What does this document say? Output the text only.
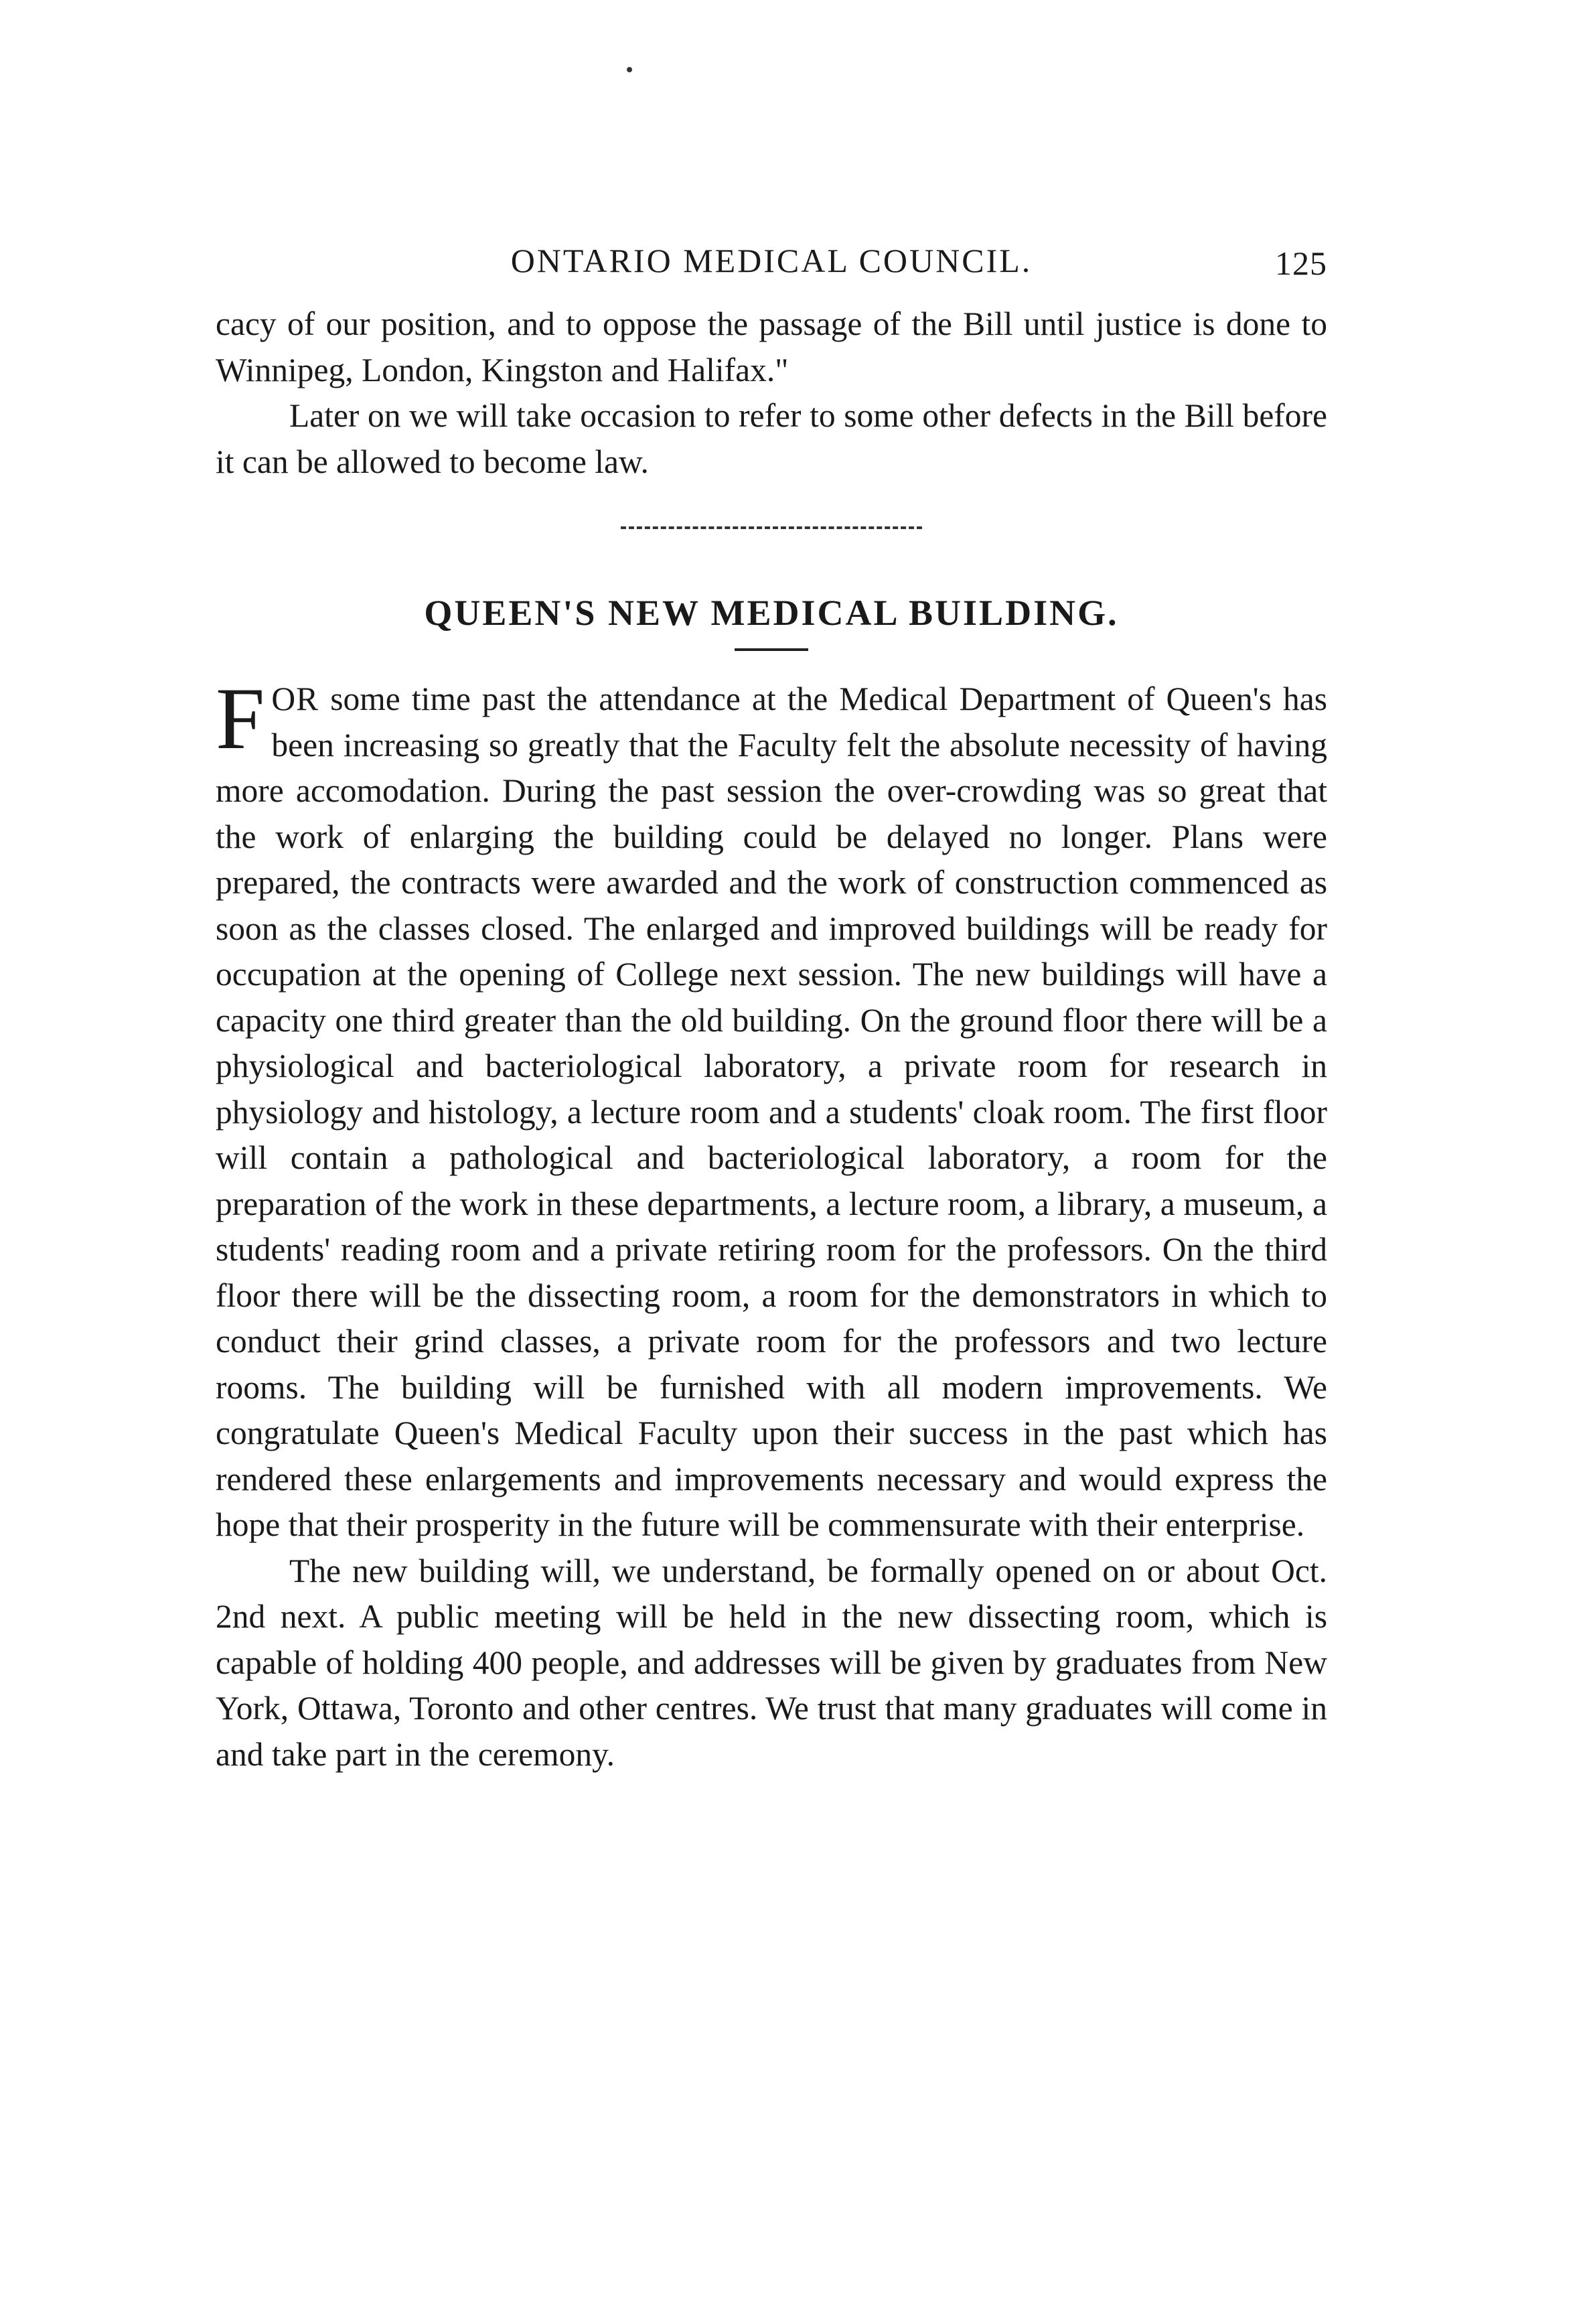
ONTARIO MEDICAL COUNCIL.	125

cacy of our position, and to oppose the passage of the Bill until justice is done to Winnipeg, London, Kingston and Halifax."

Later on we will take occasion to refer to some other defects in the Bill before it can be allowed to become law.

QUEEN'S NEW MEDICAL BUILDING.

FOR some time past the attendance at the Medical Department of Queen's has been increasing so greatly that the Faculty felt the absolute necessity of having more accomodation. During the past session the over-crowding was so great that the work of enlarging the building could be delayed no longer. Plans were prepared, the contracts were awarded and the work of construction commenced as soon as the classes closed. The enlarged and improved buildings will be ready for occupation at the opening of College next session. The new buildings will have a capacity one third greater than the old building. On the ground floor there will be a physiological and bacteriological laboratory, a private room for research in physiology and histology, a lecture room and a students' cloak room. The first floor will contain a pathological and bacteriological laboratory, a room for the preparation of the work in these departments, a lecture room, a library, a museum, a students' reading room and a private retiring room for the professors. On the third floor there will be the dissecting room, a room for the demonstrators in which to conduct their grind classes, a private room for the professors and two lecture rooms. The building will be furnished with all modern improvements. We congratulate Queen's Medical Faculty upon their success in the past which has rendered these enlargements and improvements necessary and would express the hope that their prosperity in the future will be commensurate with their enterprise.

The new building will, we understand, be formally opened on or about Oct. 2nd next. A public meeting will be held in the new dissecting room, which is capable of holding 400 people, and addresses will be given by graduates from New York, Ottawa, Toronto and other centres. We trust that many graduates will come in and take part in the ceremony.
